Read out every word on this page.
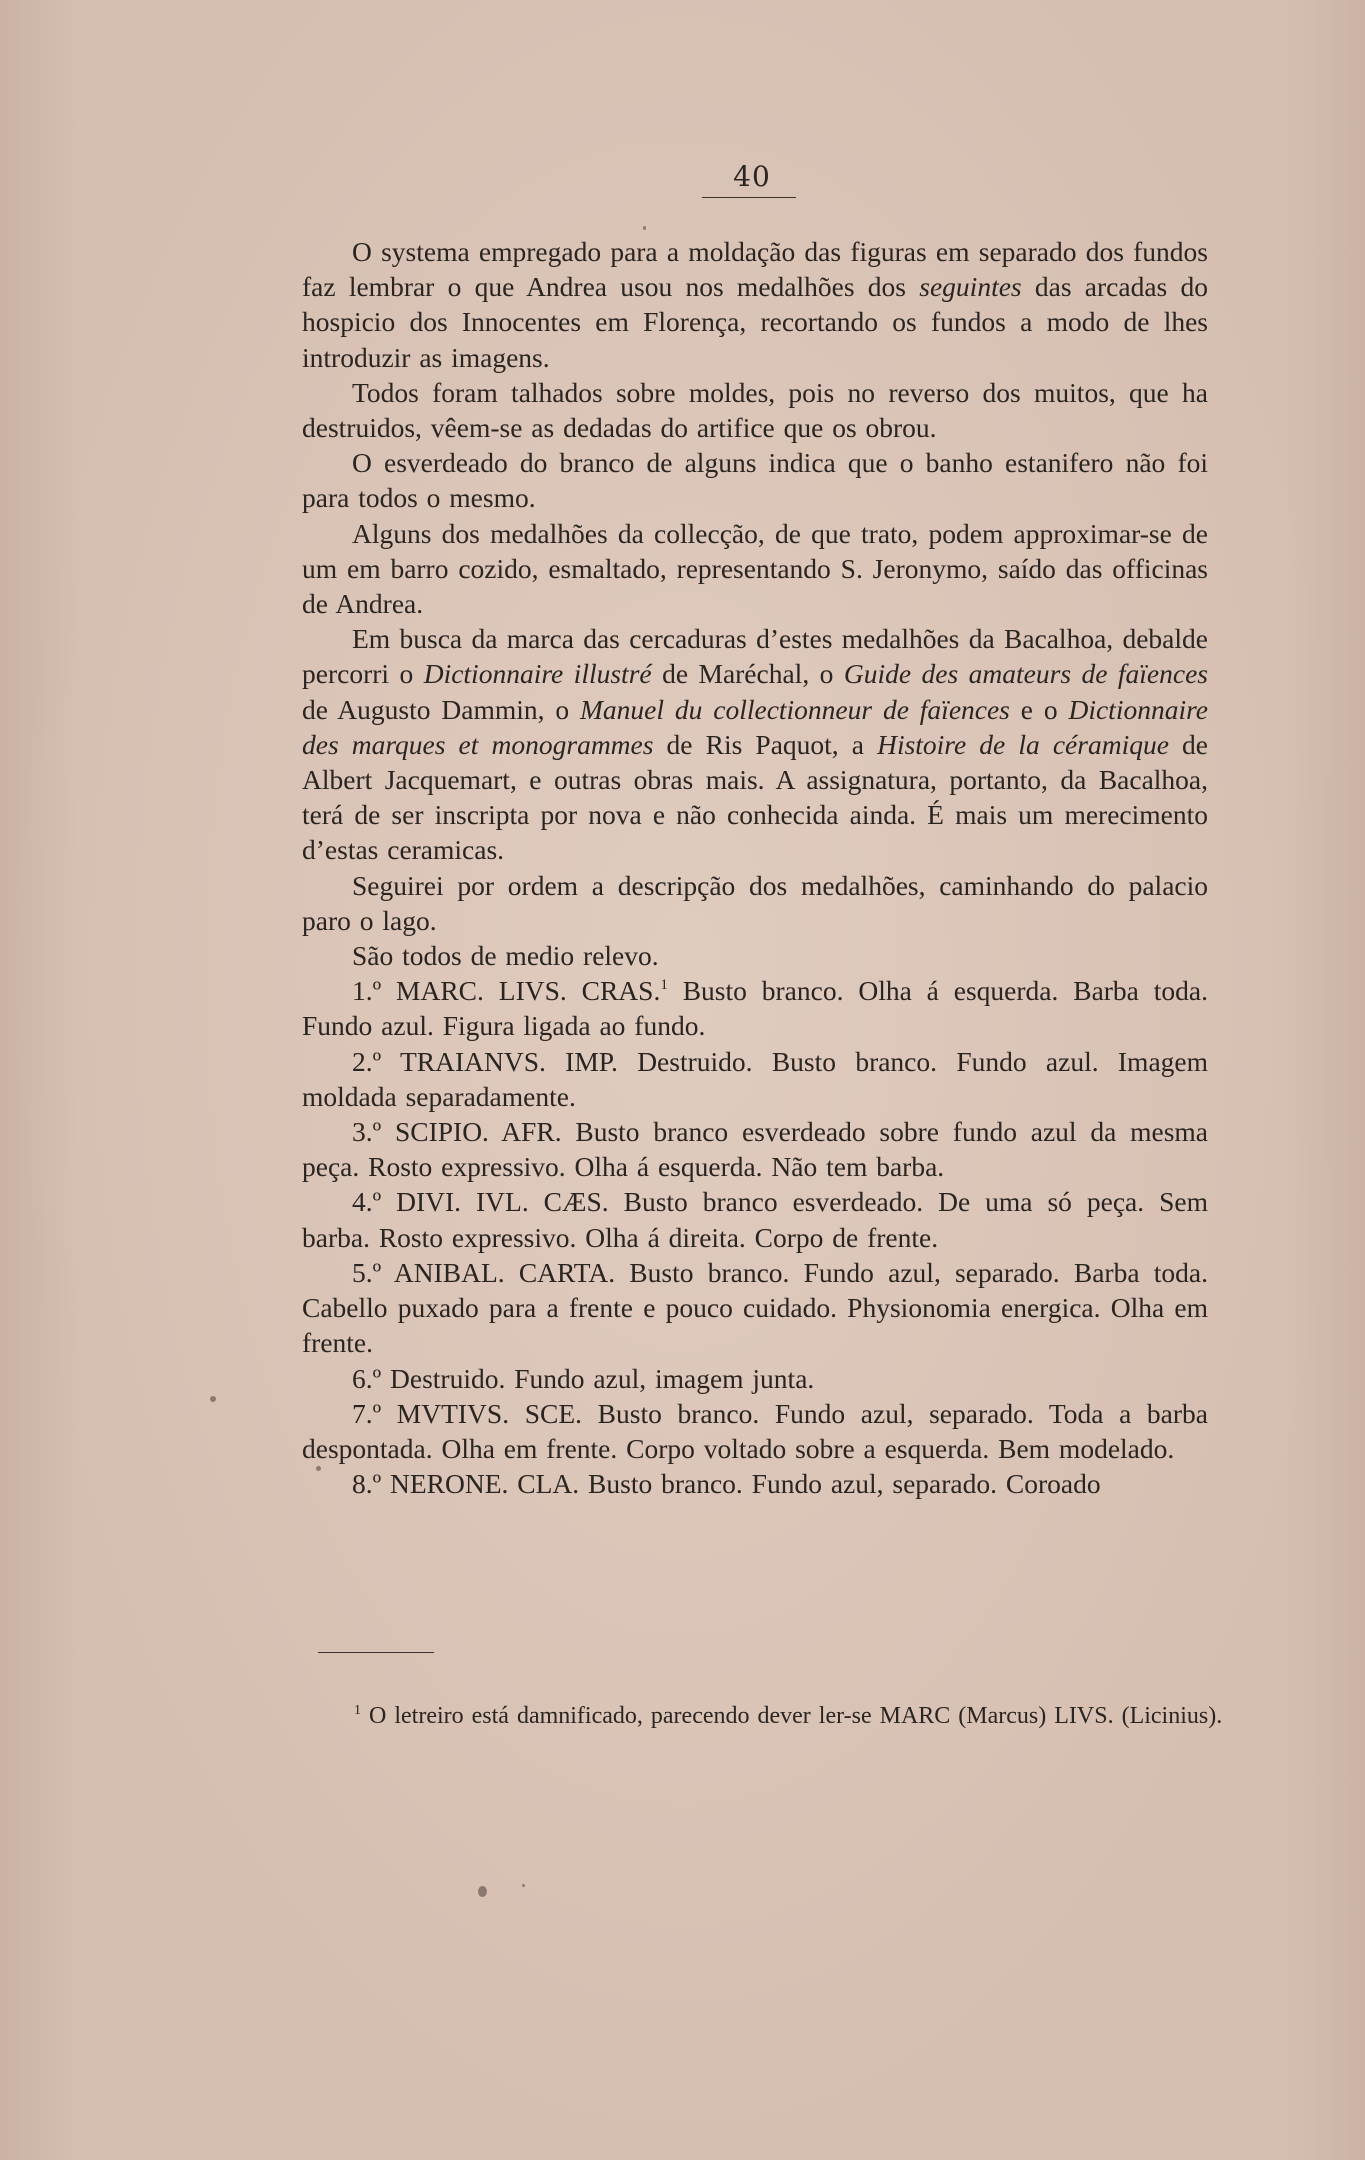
40

O systema empregado para a moldação das figuras em separado dos fundos faz lembrar o que Andrea usou nos medalhões dos seguintes das arcadas do hospicio dos Innocentes em Florença, recortando os fundos a modo de lhes introduzir as imagens.

Todos foram talhados sobre moldes, pois no reverso dos muitos, que ha destruidos, vêem-se as dedadas do artifice que os obrou.

O esverdeado do branco de alguns indica que o banho estanifero não foi para todos o mesmo.

Alguns dos medalhões da collecção, de que trato, podem approximar-se de um em barro cozido, esmaltado, representando S. Jeronymo, saído das officinas de Andrea.

Em busca da marca das cercaduras d’estes medalhões da Bacalhoa, debalde percorri o Dictionnaire illustré de Maréchal, o Guide des amateurs de faïences de Augusto Dammin, o Manuel du collectionneur de faïences e o Dictionnaire des marques et monogrammes de Ris Paquot, a Histoire de la céramique de Albert Jacquemart, e outras obras mais. A assignatura, portanto, da Bacalhoa, terá de ser inscripta por nova e não conhecida ainda. É mais um merecimento d’estas ceramicas.

Seguirei por ordem a descripção dos medalhões, caminhando do palacio paro o lago.

São todos de medio relevo.

1.º MARC. LIVS. CRAS.$^1$ Busto branco. Olha á esquerda. Barba toda. Fundo azul. Figura ligada ao fundo.

2.º TRAIANVS. IMP. Destruido. Busto branco. Fundo azul. Imagem moldada separadamente.

3.º SCIPIO. AFR. Busto branco esverdeado sobre fundo azul da mesma peça. Rosto expressivo. Olha á esquerda. Não tem barba.

4.º DIVI. IVL. CÆS. Busto branco esverdeado. De uma só peça. Sem barba. Rosto expressivo. Olha á direita. Corpo de frente.

5.º ANIBAL. CARTA. Busto branco. Fundo azul, separado. Barba toda. Cabello puxado para a frente e pouco cuidado. Physionomia energica. Olha em frente.

6.º Destruido. Fundo azul, imagem junta.

7.º MVTIVS. SCE. Busto branco. Fundo azul, separado. Toda a barba despontada. Olha em frente. Corpo voltado sobre a esquerda. Bem modelado.

8.º NERONE. CLA. Busto branco. Fundo azul, separado. Coroado

$^1$ O letreiro está damnificado, parecendo dever ler-se MARC (Marcus) LIVS. (Licinius).
